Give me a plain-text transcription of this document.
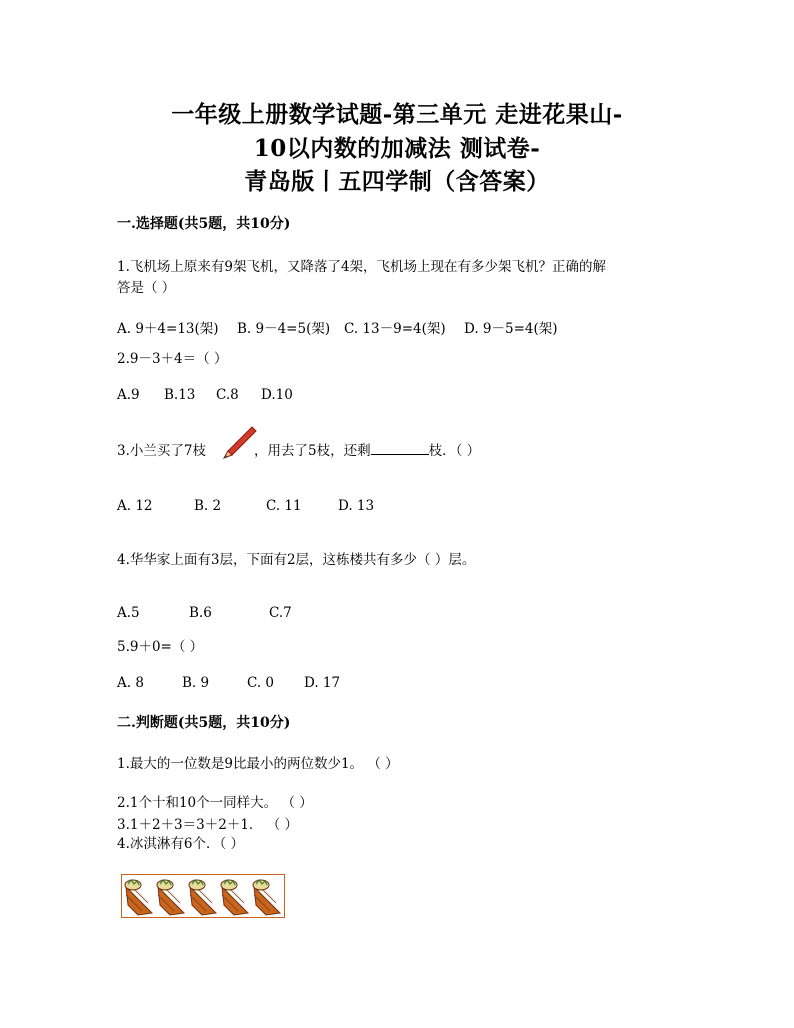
一年级上册数学试题-第三单元 走进花果山-
10以内数的加减法 测试卷-
青岛版丨五四学制（含答案）
一.选择题(共5题，共10分)
1.飞机场上原来有9架飞机，又降落了4架，飞机场上现在有多少架飞机？正确的解
答是（ ）
A. 9＋4=13(架) B. 9－4=5(架) C. 13－9=4(架) D. 9－5=4(架)
2.9－3＋4＝（ ）
A.9 B.13 C.8 D.10
3.小兰买了7枝	，用去了5枝，还剩	枝．（ ）
A. 12	B. 2	C. 11	D. 13
4.华华家上面有3层，下面有2层，这栋楼共有多少（ ）层。
A.5	B.6	C.7
5.9＋0=（ ）
A. 8	B. 9	C. 0 D. 17
二.判断题(共5题，共10分)
1.最大的一位数是9比最小的两位数少1。 （ ）
2.1个十和10个一同样大。 （ ）
3.1＋2＋3＝3＋2＋1． （ ）
4.冰淇淋有6个．（ ）
